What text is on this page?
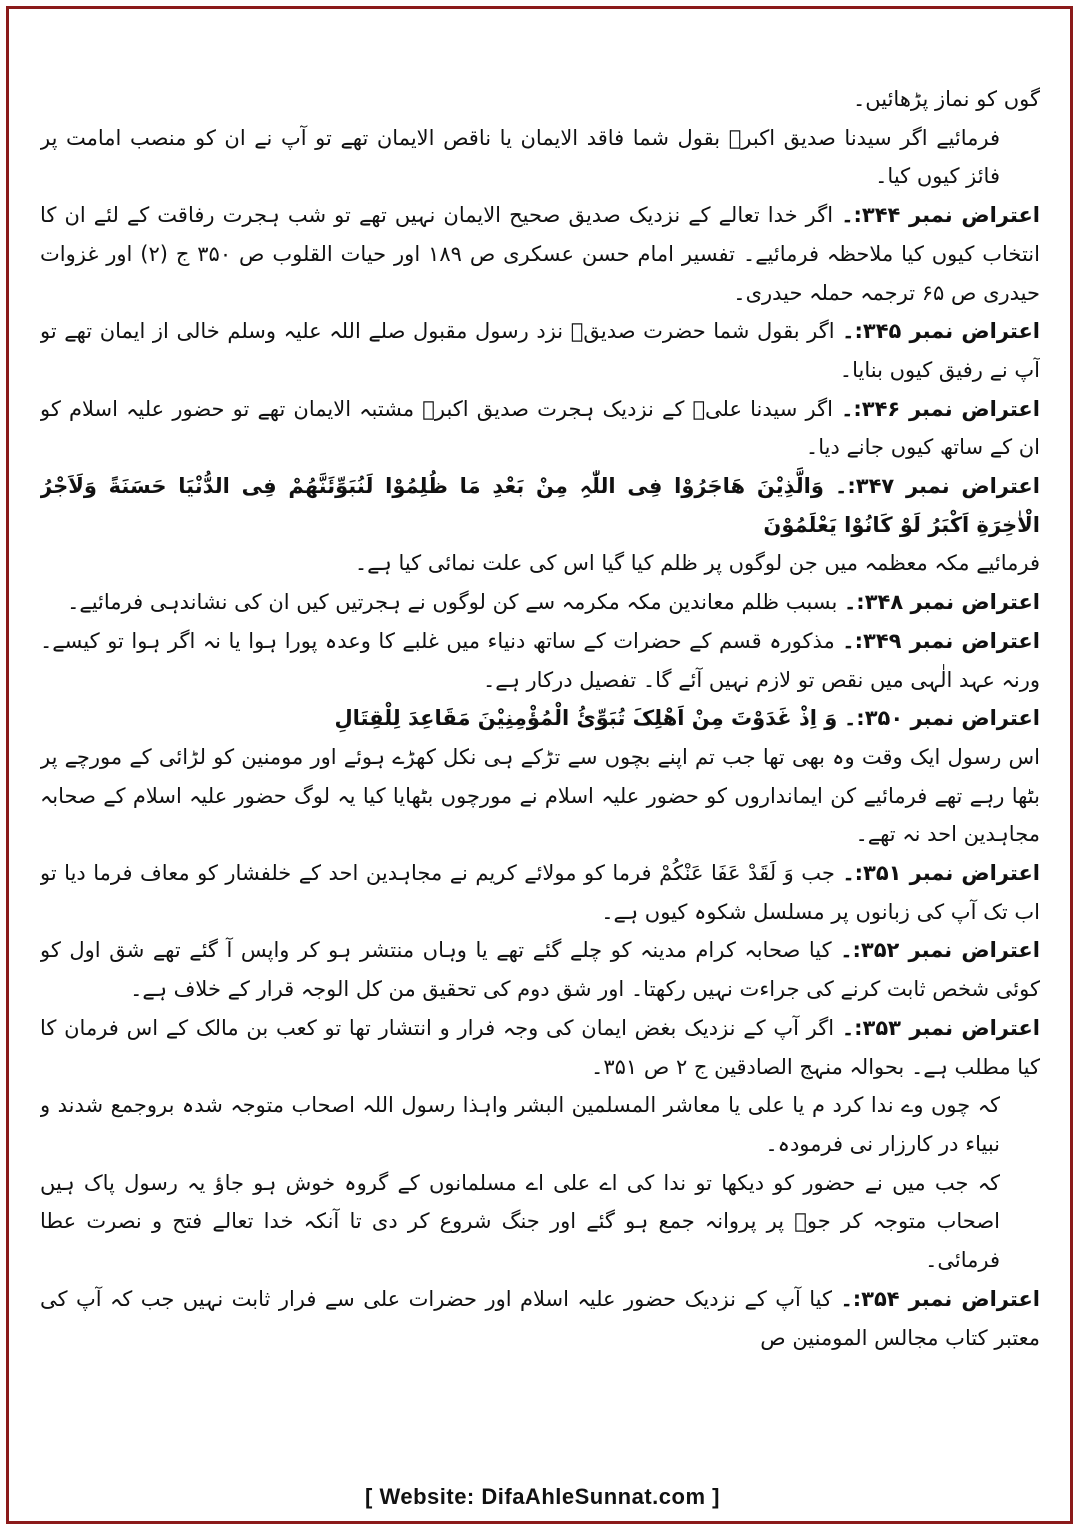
گوں کو نماز پڑھائیں۔

فرمائیے اگر سیدنا صدیق اکبرؓ بقول شما فاقد الایمان یا ناقص الایمان تھے تو آپ نے ان کو منصب امامت پر فائز کیوں کیا۔

اعتراض نمبر ۳۴۴:۔ اگر خدا تعالے کے نزدیک صدیق صحیح الایمان نہیں تھے تو شب ہجرت رفاقت کے لئے ان کا انتخاب کیوں کیا ملاحظہ فرمائیے۔ تفسیر امام حسن عسکری ص ۱۸۹ اور حیات القلوب ص ۳۵۰ ج (۲) اور غزوات حیدری ص ۶۵ ترجمہ حملہ حیدری۔

اعتراض نمبر ۳۴۵:۔ اگر بقول شما حضرت صدیقؓ نزد رسول مقبول صلے اللہ علیہ وسلم خالی از ایمان تھے تو آپ نے رفیق کیوں بنایا۔

اعتراض نمبر ۳۴۶:۔ اگر سیدنا علیؓ کے نزدیک ہجرت صدیق اکبرؓ مشتبہ الایمان تھے تو حضور علیہ اسلام کو ان کے ساتھ کیوں جانے دیا۔

اعتراض نمبر ۳۴۷:۔ وَالَّذِیْنَ ھَاجَرُوْا فِی اللّٰہِ مِنْ بَعْدِ مَا ظُلِمُوْا لَنُبَوِّئَنَّھُمْ فِی الدُّنْیَا حَسَنَةً وَلَاَجْرُ الْاٰخِرَةِ اَکْبَرُ لَوْ کَانُوْا یَعْلَمُوْنَ

فرمائیے مکہ معظمہ میں جن لوگوں پر ظلم کیا گیا اس کی علت نمائی کیا ہے۔

اعتراض نمبر ۳۴۸:۔ بسبب ظلم معاندین مکہ مکرمہ سے کن لوگوں نے ہجرتیں کیں ان کی نشاندہی فرمائیے۔

اعتراض نمبر ۳۴۹:۔ مذکورہ قسم کے حضرات کے ساتھ دنیاء میں غلبے کا وعدہ پورا ہوا یا نہ اگر ہوا تو کیسے۔ ورنہ عہد الٰہی میں نقص تو لازم نہیں آئے گا۔ تفصیل درکار ہے۔

اعتراض نمبر ۳۵۰:۔ وَ اِذْ غَدَوْتَ مِنْ اَھْلِکَ تُبَوِّئُ الْمُؤْمِنِیْنَ مَقَاعِدَ لِلْقِتَالِ

اس رسول ایک وقت وہ بھی تھا جب تم اپنے بچوں سے تڑکے ہی نکل کھڑے ہوئے اور مومنین کو لڑائی کے مورچے پر بٹھا رہے تھے فرمائیے کن ایمانداروں کو حضور علیہ اسلام نے مورچوں بٹھایا کیا یہ لوگ حضور علیہ اسلام کے صحابہ مجاہدین احد نہ تھے۔

اعتراض نمبر ۳۵۱:۔ جب وَ لَقَدْ عَفَا عَنْکُمْ فرما کو مولائے کریم نے مجاہدین احد کے خلفشار کو معاف فرما دیا تو اب تک آپ کی زبانوں پر مسلسل شکوہ کیوں ہے۔

اعتراض نمبر ۳۵۲:۔ کیا صحابہ کرام مدینہ کو چلے گئے تھے یا وہاں منتشر ہو کر واپس آ گئے تھے شق اول کو کوئی شخص ثابت کرنے کی جراءت نہیں رکھتا۔ اور شق دوم کی تحقیق من کل الوجہ قرار کے خلاف ہے۔

اعتراض نمبر ۳۵۳:۔ اگر آپ کے نزدیک بغض ایمان کی وجہ فرار و انتشار تھا تو کعب بن مالک کے اس فرمان کا کیا مطلب ہے۔ بحوالہ منہج الصادقین ج ۲ ص ۳۵۱۔

کہ چوں وے ندا کرد م یا علی یا معاشر المسلمین البشر واہذا رسول اللہ اصحاب متوجہ شدہ بروجمع شدند و نبیاء در کارزار نی فرمودہ۔

کہ جب میں نے حضور کو دیکھا تو ندا کی اے علی اے مسلمانوں کے گروہ خوش ہو جاؤ یہ رسول پاک ہیں اصحاب متوجہ کر جوؔ پر پروانہ جمع ہو گئے اور جنگ شروع کر دی تا آنکہ خدا تعالے فتح و نصرت عطا فرمائی۔

اعتراض نمبر ۳۵۴:۔ کیا آپ کے نزدیک حضور علیہ اسلام اور حضرات علی سے فرار ثابت نہیں جب کہ آپ کی معتبر کتاب مجالس المومنین ص

[ Website: DifaAhleSunnat.com ]
